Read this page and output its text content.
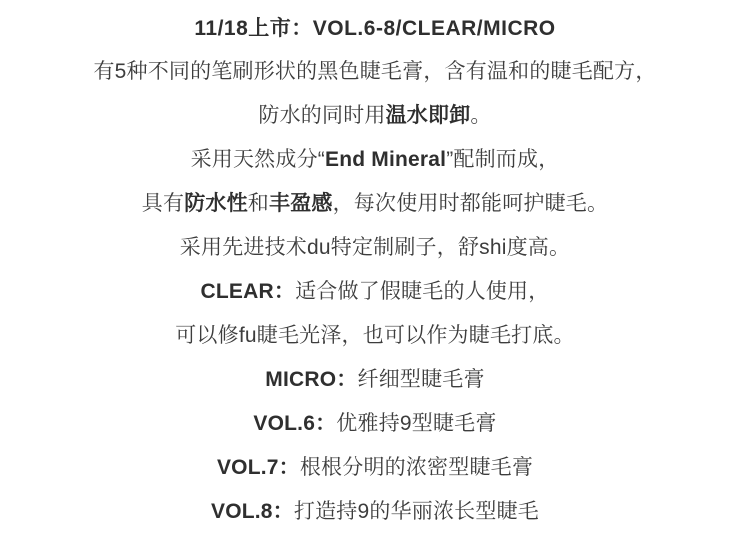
11/18上市：VOL.6-8/CLEAR/MICRO
有5种不同的笔刷形状的黑色睫毛膏，含有温和的睫毛配方，
防水的同时用温水即卸。
采用天然成分“End Mineral”配制而成，
具有防水性和丰盈感，每次使用时都能呵护睫毛。
采用先进技术du特定制刷子，舒shi度高。
CLEAR：适合做了假睫毛的人使用，
可以修fu睫毛光泽，也可以作为睫毛打底。
MICRO：纤细型睫毛膏
VOL.6：优雅持9型睫毛膏
VOL.7：根根分明的浓密型睫毛膏
VOL.8：打造持9的华丽浓长型睫毛
